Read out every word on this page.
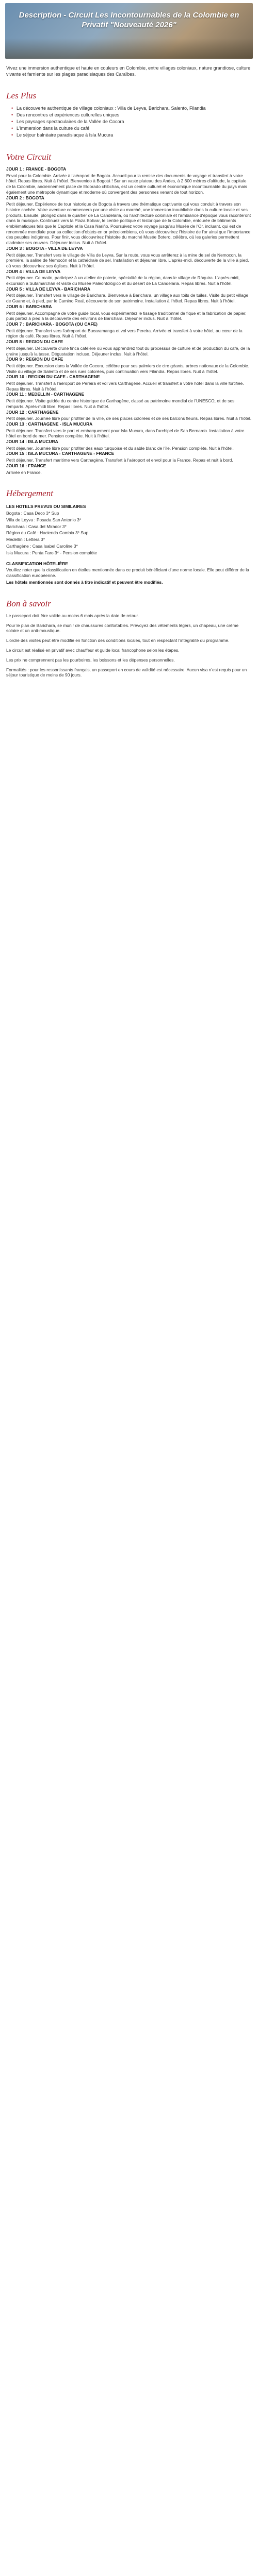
Description - Circuit Les Incontournables de la Colombie en Privatif "Nouveauté 2026"
Vivez une immersion authentique et haute en couleurs en Colombie, entre villages coloniaux, nature grandiose, culture vivante et farniente sur les plages paradisiaques des Caraïbes.
Les Plus
• La découverte authentique de village coloniaux : Villa de Leyva, Barichara, Salento, Filandia
• Des rencontres et expériences culturelles uniques
• Les paysages spectaculaires de la Vallée de Cocora
• L'immersion dans la culture du café
• Le séjour balnéaire paradisiaque à Isla Mucura
Votre Circuit
JOUR 1 : FRANCE - BOGOTA

Envol pour la Colombie. Arrivée à l'aéroport de Bogota. Accueil pour la remise des documents de voyage et transfert à votre hôtel. Repas libres. Nuit à l'hôtel. Bienvenido à Bogotá ! Sur un vaste plateau des Andes, à 2 600 mètres d'altitude, la capitale de la Colombie, anciennement place de Eldorado chibchas, est un centre culturel et économique incontournable du pays mais également une métropole dynamique et moderne où convergent des personnes venant de tout horizon.

JOUR 2 : BOGOTA

Petit déjeuner. Expérience de tour historique de Bogota à travers une thématique captivante qui vous conduit à travers son histoire cachée. Votre aventure commencera par une visite au marché, une immersion inoubliable dans la culture locale et ses produits. Ensuite, plongez dans le quartier de La Candelaria, où l'architecture coloniale et l'ambiance d'époque vous raconteront dans la musique. Continuez vers la Plaza Bolivar, le centre politique et historique de la Colombie, entourée de bâtiments emblématiques tels que le Capitole et la Casa Nariño. Poursuivez votre voyage jusqu'au Musée de l'Or, incluant, qui est de renommée mondiale pour sa collection d'objets en or précolombiens, où vous découvrirez l'histoire de l'or ainsi que l'importance des peuples indigènes. Pour finir, vous découvrirez l'histoire du marché Musée Botero, célèbre, où les galeries permettent d'admirer ses œuvres. Déjeuner inclus. Nuit à l'hôtel.

JOUR 3 : BOGOTA - VILLA DE LEYVA

Petit déjeuner. Transfert vers le village de Villa de Leyva. Sur la route, vous vous arrêterez à la mine de sel de Nemocon, la première, la saline de Nemocón et la cathédrale de sel. Installation et déjeuner libre. L'après-midi, découverte de la ville à pied, où vous découvrirez ses églises. Nuit à l'hôtel.

JOUR 4 : VILLA DE LEYVA

Petit déjeuner. Ce matin, participez à un atelier de poterie, spécialité de la région, dans le village de Ráquira. L'après-midi, excursion à Sutamarchán et visite du Musée Paleontológico et du désert de La Candelaria. Repas libres. Nuit à l'hôtel.

JOUR 5 : VILLA DE LEYVA - BARICHARA

Petit déjeuner. Transfert vers le village de Barichara. Bienvenue à Barichara, un village aux toits de tuiles. Visite du petit village de Guane et, à pied, par le Camino Real, découverte de son patrimoine. Installation à l'hôtel. Repas libres. Nuit à l'hôtel.

JOUR 6 : BARICHARA

Petit déjeuner. Accompagné de votre guide local, vous expérimentez le tissage traditionnel de fique et la fabrication de papier, puis partez à pied à la découverte des environs de Barichara. Déjeuner inclus. Nuit à l'hôtel.

JOUR 7 : BARICHARA - BOGOTA (OU CAFE)

Petit déjeuner. Transfert vers l'aéroport de Bucaramanga et vol vers Pereira. Arrivée et transfert à votre hôtel, au cœur de la région du café. Repas libres. Nuit à l'hôtel.

JOUR 8 : REGION DU CAFE

Petit déjeuner. Découverte d'une finca caféière où vous apprendrez tout du processus de culture et de production du café, de la graine jusqu'à la tasse. Dégustation incluse. Déjeuner inclus. Nuit à l'hôtel.

JOUR 9 : REGION DU CAFE

Petit déjeuner. Excursion dans la Vallée de Cocora, célèbre pour ses palmiers de cire géants, arbres nationaux de la Colombie. Visite du village de Salento et de ses rues colorées, puis continuation vers Filandia. Repas libres. Nuit à l'hôtel.

JOUR 10 : REGION DU CAFE - CARTHAGENE

Petit déjeuner. Transfert à l'aéroport de Pereira et vol vers Carthagène. Accueil et transfert à votre hôtel dans la ville fortifiée. Repas libres. Nuit à l'hôtel.

JOUR 11 : MEDELLIN - CARTHAGENE

Petit déjeuner. Visite guidée du centre historique de Carthagène, classé au patrimoine mondial de l'UNESCO, et de ses remparts. Après-midi libre. Repas libres. Nuit à l'hôtel.

JOUR 12 : CARTHAGENE

Petit déjeuner. Journée libre pour profiter de la ville, de ses places colorées et de ses balcons fleuris. Repas libres. Nuit à l'hôtel.

JOUR 13 : CARTHAGENE - ISLA MUCURA

Petit déjeuner. Transfert vers le port et embarquement pour Isla Mucura, dans l'archipel de San Bernardo. Installation à votre hôtel en bord de mer. Pension complète. Nuit à l'hôtel.

JOUR 14 : ISLA MUCURA

Petit déjeuner. Journée libre pour profiter des eaux turquoise et du sable blanc de l'île. Pension complète. Nuit à l'hôtel.

JOUR 15 : ISLA MUCURA - CARTHAGENE - FRANCE

Petit déjeuner. Transfert maritime vers Carthagène. Transfert à l'aéroport et envol pour la France. Repas et nuit à bord.

JOUR 16 : FRANCE

Arrivée en France.

Hébergement
LES HOTELS PREVUS OU SIMILAIRES

Bogota : Casa Deco 3* Sup

Villa de Leyva : Posada San Antonio 3*

Barichara : Casa del Mirador 3*

Région du Café : Hacienda Combia 3* Sup

Medellín : Lettera 3*

Carthagène : Casa Isabel Caroline 3*

Isla Mucura : Punta Faro 3* - Pension complète

CLASSIFICATION HÔTELIÈRE

Veuillez noter que la classification en étoiles mentionnée dans ce produit bénéficiant d'une norme locale. Elle peut différer de la classification européenne.

Les hôtels mentionnés sont donnés à titre indicatif et peuvent être modifiés.

Bon à savoir

Le passeport doit être valide au moins 6 mois après la date de retour.

Pour le plan de Barichara, se munir de chaussures confortables. Prévoyez des vêtements légers, un chapeau, une crème solaire et un anti-moustique.

L'ordre des visites peut être modifié en fonction des conditions locales, tout en respectant l'intégralité du programme.

Le circuit est réalisé en privatif avec chauffeur et guide local francophone selon les étapes.

Les prix ne comprennent pas les pourboires, les boissons et les dépenses personnelles.

Formalités : pour les ressortissants français, un passeport en cours de validité est nécessaire. Aucun visa n'est requis pour un séjour touristique de moins de 90 jours.
